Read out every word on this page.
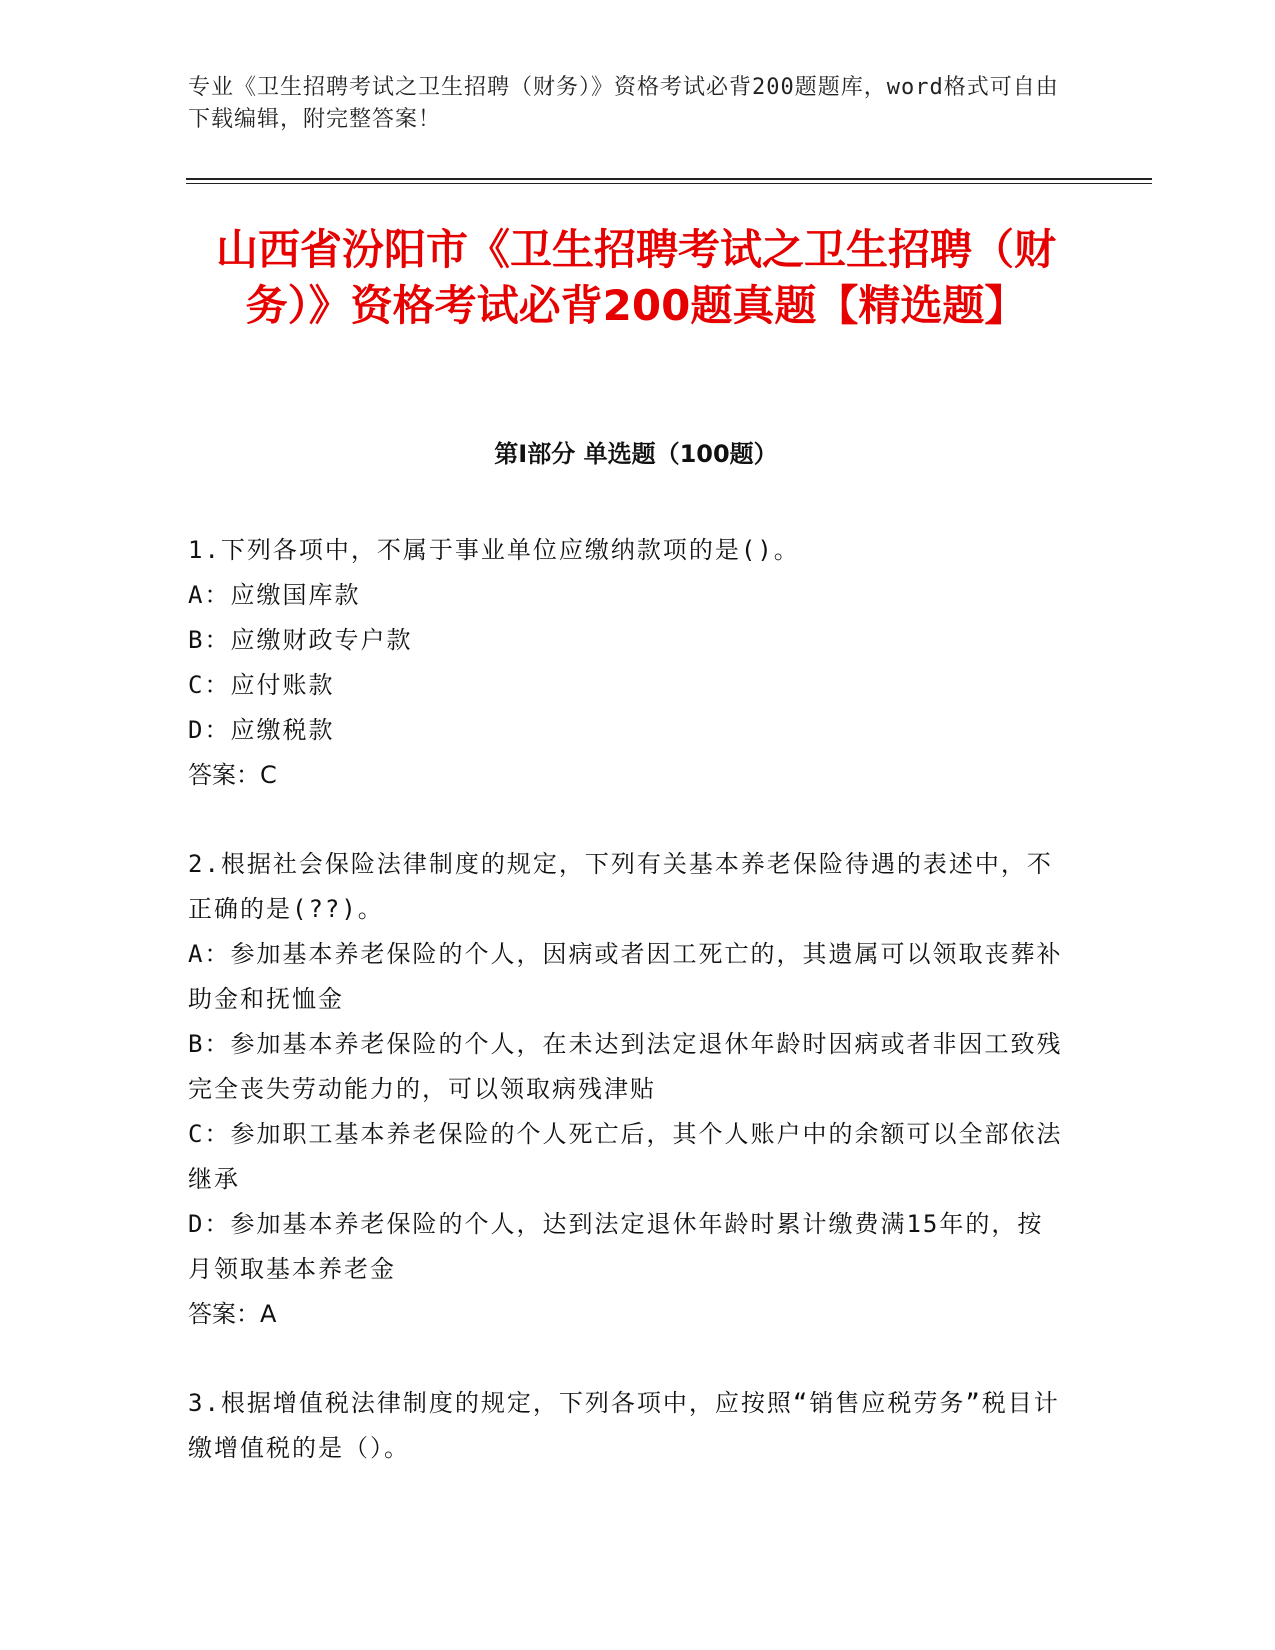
专业《卫生招聘考试之卫生招聘（财务）》资格考试必背200题题库，word格式可自由下载编辑，附完整答案！
山西省汾阳市《卫生招聘考试之卫生招聘（财务）》资格考试必背200题真题【精选题】
第I部分 单选题（100题）
1.下列各项中，不属于事业单位应缴纳款项的是()。
A：应缴国库款
B：应缴财政专户款
C：应付账款
D：应缴税款
答案：C
2.根据社会保险法律制度的规定，下列有关基本养老保险待遇的表述中，不正确的是(??)。
A：参加基本养老保险的个人，因病或者因工死亡的，其遗属可以领取丧葬补助金和抚恤金
B：参加基本养老保险的个人，在未达到法定退休年龄时因病或者非因工致残完全丧失劳动能力的，可以领取病残津贴
C：参加职工基本养老保险的个人死亡后，其个人账户中的余额可以全部依法继承
D：参加基本养老保险的个人，达到法定退休年龄时累计缴费满15年的，按月领取基本养老金
答案：A
3.根据增值税法律制度的规定，下列各项中，应按照“销售应税劳务”税目计缴增值税的是（）。
